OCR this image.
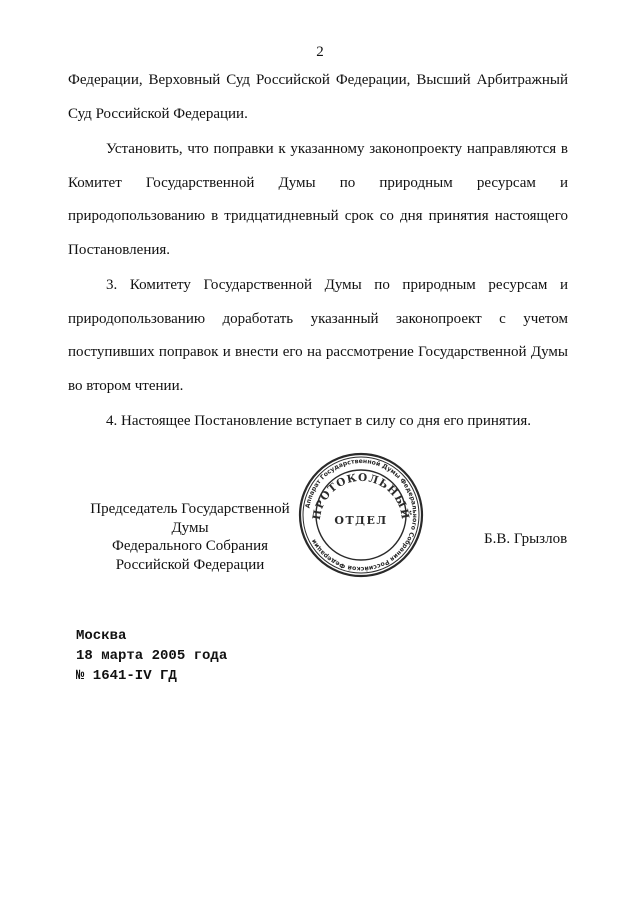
2

Федерации, Верховный Суд Российской Федерации, Высший Арбитражный Суд Российской Федерации.

Установить, что поправки к указанному законопроекту направляются в Комитет Государственной Думы по природным ресурсам и природопользованию в тридцатидневный срок со дня принятия настоящего Постановления.

3. Комитету Государственной Думы по природным ресурсам и природопользованию доработать указанный законопроект с учетом поступивших поправок и внести его на рассмотрение Государственной Думы во втором чтении.

4. Настоящее Постановление вступает в силу со дня его принятия.

Председатель Государственной Думы
Федерального Собрания
Российской Федерации
Аппарат Государственной Думы Федерального Собрания Российской Федерации
ПРОТОКОЛЬНЫЙ
ОТДЕЛ
Б.В. Грызлов
Москва
18 марта 2005 года
№ 1641-IV ГД
